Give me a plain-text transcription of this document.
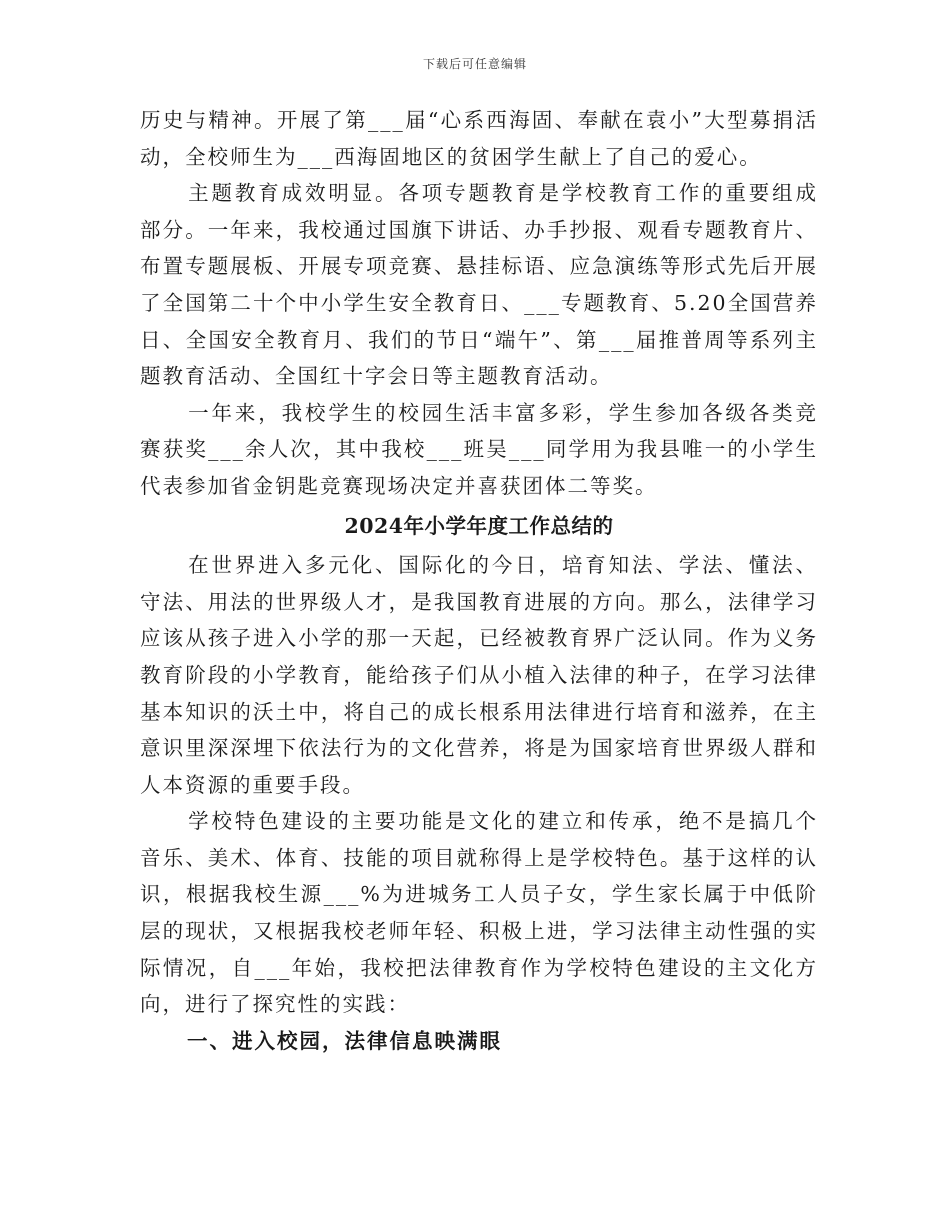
下载后可任意编辑

历史与精神。开展了第___届“心系西海固、奉献在袁小”大型募捐活动，全校师生为___西海固地区的贫困学生献上了自己的爱心。

主题教育成效明显。各项专题教育是学校教育工作的重要组成部分。一年来，我校通过国旗下讲话、办手抄报、观看专题教育片、布置专题展板、开展专项竞赛、悬挂标语、应急演练等形式先后开展了全国第二十个中小学生安全教育日、___专题教育、5.20全国营养日、全国安全教育月、我们的节日“端午”、第___届推普周等系列主题教育活动、全国红十字会日等主题教育活动。

一年来，我校学生的校园生活丰富多彩，学生参加各级各类竞赛获奖___余人次，其中我校___班吴___同学用为我县唯一的小学生代表参加省金钥匙竞赛现场决定并喜获团体二等奖。

2024年小学年度工作总结的

在世界进入多元化、国际化的今日，培育知法、学法、懂法、守法、用法的世界级人才，是我国教育进展的方向。那么，法律学习应该从孩子进入小学的那一天起，已经被教育界广泛认同。作为义务教育阶段的小学教育，能给孩子们从小植入法律的种子，在学习法律基本知识的沃土中，将自己的成长根系用法律进行培育和滋养，在主意识里深深埋下依法行为的文化营养，将是为国家培育世界级人群和人本资源的重要手段。

学校特色建设的主要功能是文化的建立和传承，绝不是搞几个音乐、美术、体育、技能的项目就称得上是学校特色。基于这样的认识，根据我校生源___%为进城务工人员子女，学生家长属于中低阶层的现状，又根据我校老师年轻、积极上进，学习法律主动性强的实际情况，自___年始，我校把法律教育作为学校特色建设的主文化方向，进行了探究性的实践：

一、进入校园，法律信息映满眼
